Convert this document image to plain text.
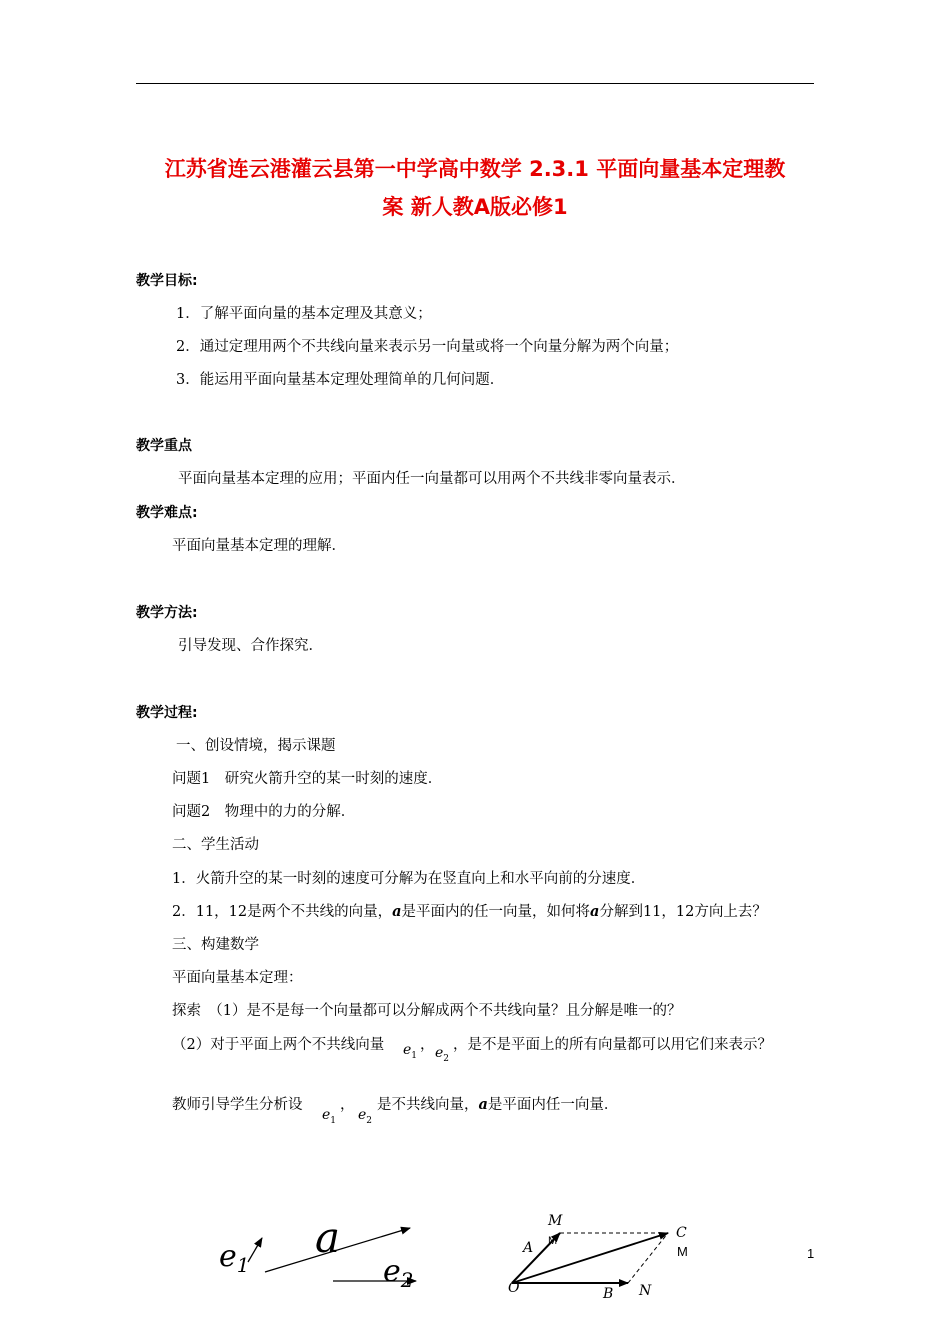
江苏省连云港灌云县第一中学高中数学 2.3.1 平面向量基本定理教
案 新人教A版必修1
教学目标:
1．了解平面向量的基本定理及其意义；
2．通过定理用两个不共线向量来表示另一向量或将一个向量分解为两个向量；
3．能运用平面向量基本定理处理简单的几何问题．
教学重点
平面向量基本定理的应用；平面内任一向量都可以用两个不共线非零向量表示．
教学难点:
平面向量基本定理的理解．
教学方法:
引导发现、合作探究．
教学过程:
一、创设情境，揭示课题
问题1　研究火箭升空的某一时刻的速度．
问题2　物理中的力的分解．
二、学生活动
1．火箭升空的某一时刻的速度可分解为在竖直向上和水平向前的分速度．
2．11，12是两个不共线的向量，a是平面内的任一向量，如何将a分解到11，12方向上去？
三、构建数学
平面向量基本定理：
探索　（1）是不是每一个向量都可以分解成两个不共线向量？且分解是唯一的？
（2）对于平面上两个不共线向量 $e_1$
， $e_2$
，是不是平面上的所有向量都可以用它们来表示？
教师引导学生分析设	，
$e_1$ $e_2$
是不共线向量，a是平面内任一向量．
$e_1$
a
$e_2$
M
M
A
C
M
O	B N
1
